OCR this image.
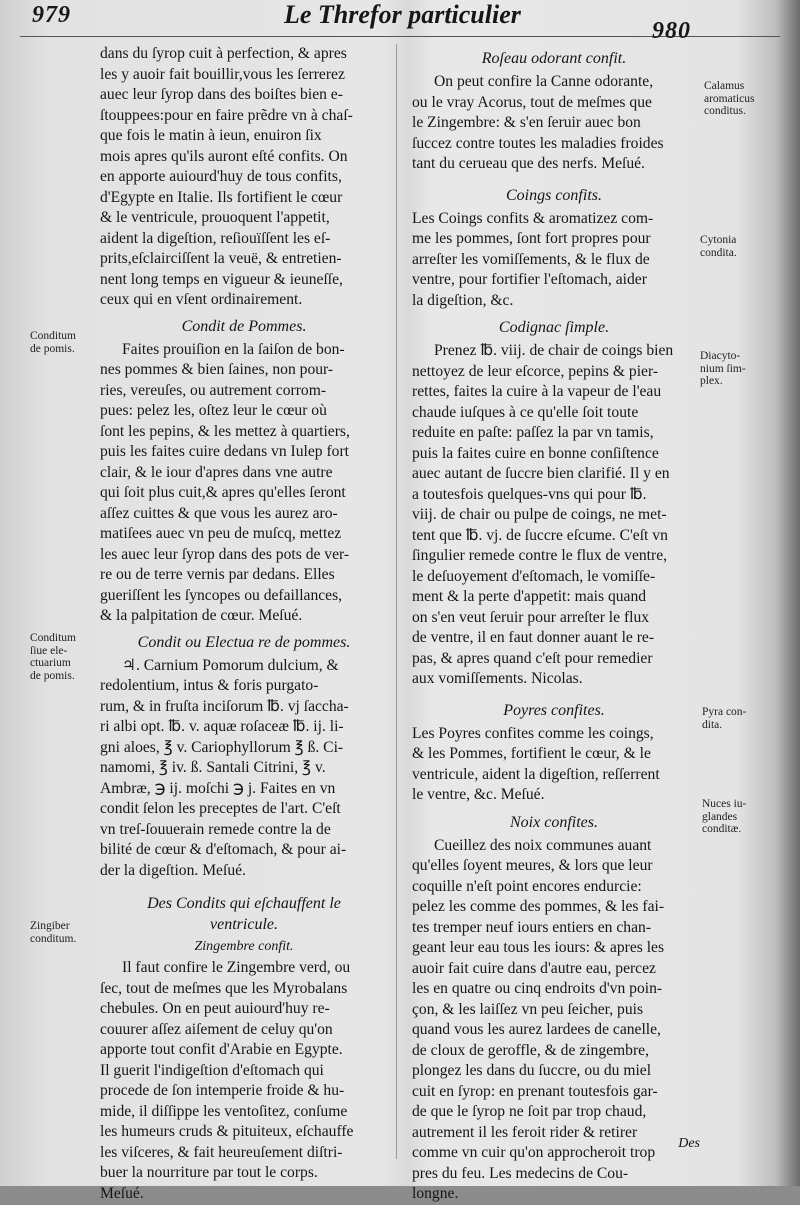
979	Le Threfor particulier
980

dans du ſyrop cuit à perfection, & apres
les y auoir fait bouillir,vous les ſerrerez
auec leur ſyrop dans des boiſtes bien e-
ſtouppees:pour en faire prẽdre vn à chaſ-
que fois le matin à ieun, enuiron ſix
mois apres qu'ils auront eſté confits. On
en apporte auiourd'huy de tous confits,
d'Egypte en Italie. Ils fortifient le cœur
& le ventricule, prouoquent l'appetit,
aident la digeſtion, reſiouïſſent les eſ-
prits,eſclairciſſent la veuë, & entretien-
nent long temps en vigueur & ieuneſſe,
ceux qui en vſent ordinairement.

Condit de Pommes.

Faites prouiſion en la ſaiſon de bon-
nes pommes & bien ſaines, non pour-
ries, vereuſes, ou autrement corrom-
pues: pelez les, oſtez leur le cœur où
ſont les pepins, & les mettez à quartiers,
puis les faites cuire dedans vn Iulep fort
clair, & le iour d'apres dans vne autre
qui ſoit plus cuit,& apres qu'elles ſeront
aſſez cuittes & que vous les aurez aro-
matiſees auec vn peu de muſcq, mettez
les auec leur ſyrop dans des pots de ver-
re ou de terre vernis par dedans. Elles
gueriſſent les ſyncopes ou defaillances,
& la palpitation de cœur. Meſué.

Condit ou Electua re de pommes.

♃. Carnium Pomorum dulcium, &
redolentium, intus & foris purgato-
rum, & in fruſta inciſorum ℔. vj ſaccha-
ri albi opt. ℔. v. aquæ roſaceæ ℔. ij. li-
gni aloes, ℥ v. Cariophyllorum ℥ ß. Ci-
namomi, ℥ iv. ß. Santali Citrini, ℥ v.
Ambræ, ℈ ij. moſchi ℈ j. Faites en vn
condit ſelon les preceptes de l'art. C'eſt
vn treſ-ſouuerain remede contre la de
bilité de cœur & d'eſtomach, & pour ai-
der la digeſtion. Meſué.

Des Condits qui eſchauffent le
ventricule.
Zingembre confit.

Il faut confire le Zingembre verd, ou
ſec, tout de meſmes que les Myrobalans
chebules. On en peut auiourd'huy re-
couurer aſſez aiſement de celuy qu'on
apporte tout confit d'Arabie en Egypte.
Il guerit l'indigeſtion d'eſtomach qui
procede de ſon intemperie froide & hu-
mide, il diſſippe les ventoſitez, conſume
les humeurs cruds & pituiteux, eſchauffe
les viſceres, & fait heureuſement diſtri-
buer la nourriture par tout le corps.
Meſué.

Conditum
de pomis.
Conditum
ſiue ele-
ctuarium
de pomis.
Zingiber
conditum.
Roſeau odorant confit.

On peut confire la Canne odorante,
ou le vray Acorus, tout de meſmes que
le Zingembre: & s'en ſeruir auec bon
ſuccez contre toutes les maladies froides
tant du cerueau que des nerfs. Meſué.

Coings confits.

Les Coings confits & aromatizez com-
me les pommes, ſont fort propres pour
arreſter les vomiſſements, & le flux de
ventre, pour fortifier l'eſtomach, aider
la digeſtion, &c.

Codignac ſimple.

Prenez ℔. viij. de chair de coings bien
nettoyez de leur eſcorce, pepins & pier-
rettes, faites la cuire à la vapeur de l'eau
chaude iuſques à ce qu'elle ſoit toute
reduite en paſte: paſſez la par vn tamis,
puis la faites cuire en bonne conſiſtence
auec autant de ſuccre bien clarifié. Il y en
a toutesfois quelques-vns qui pour ℔.
viij. de chair ou pulpe de coings, ne met-
tent que ℔. vj. de ſuccre eſcume. C'eſt vn
ſingulier remede contre le flux de ventre,
le deſuoyement d'eſtomach, le vomiſſe-
ment & la perte d'appetit: mais quand
on s'en veut ſeruir pour arreſter le flux
de ventre, il en faut donner auant le re-
pas, & apres quand c'eſt pour remedier
aux vomiſſements. Nicolas.

Poyres confites.

Les Poyres confites comme les coings,
& les Pommes, fortifient le cœur, & le
ventricule, aident la digeſtion, reſſerrent
le ventre, &c. Meſué.

Noix confites.

Cueillez des noix communes auant
qu'elles ſoyent meures, & lors que leur
coquille n'eſt point encores endurcie:
pelez les comme des pommes, & les fai-
tes tremper neuf iours entiers en chan-
geant leur eau tous les iours: & apres les
auoir fait cuire dans d'autre eau, percez
les en quatre ou cinq endroits d'vn poin-
çon, & les laiſſez vn peu ſeicher, puis
quand vous les aurez lardees de canelle,
de cloux de geroffle, & de zingembre,
plongez les dans du ſuccre, ou du miel
cuit en ſyrop: en prenant toutesfois gar-
de que le ſyrop ne ſoit par trop chaud,
autrement il les feroit rider & retirer
comme vn cuir qu'on approcheroit trop
pres du feu. Les medecins de Cou-
longne.

Calamus
aromaticus
conditus.
Cytonia
condita.
Diacyto-
nium ſim-
plex.
Pyra con-
dita.
Nuces iu-
glandes
conditæ.
Des
